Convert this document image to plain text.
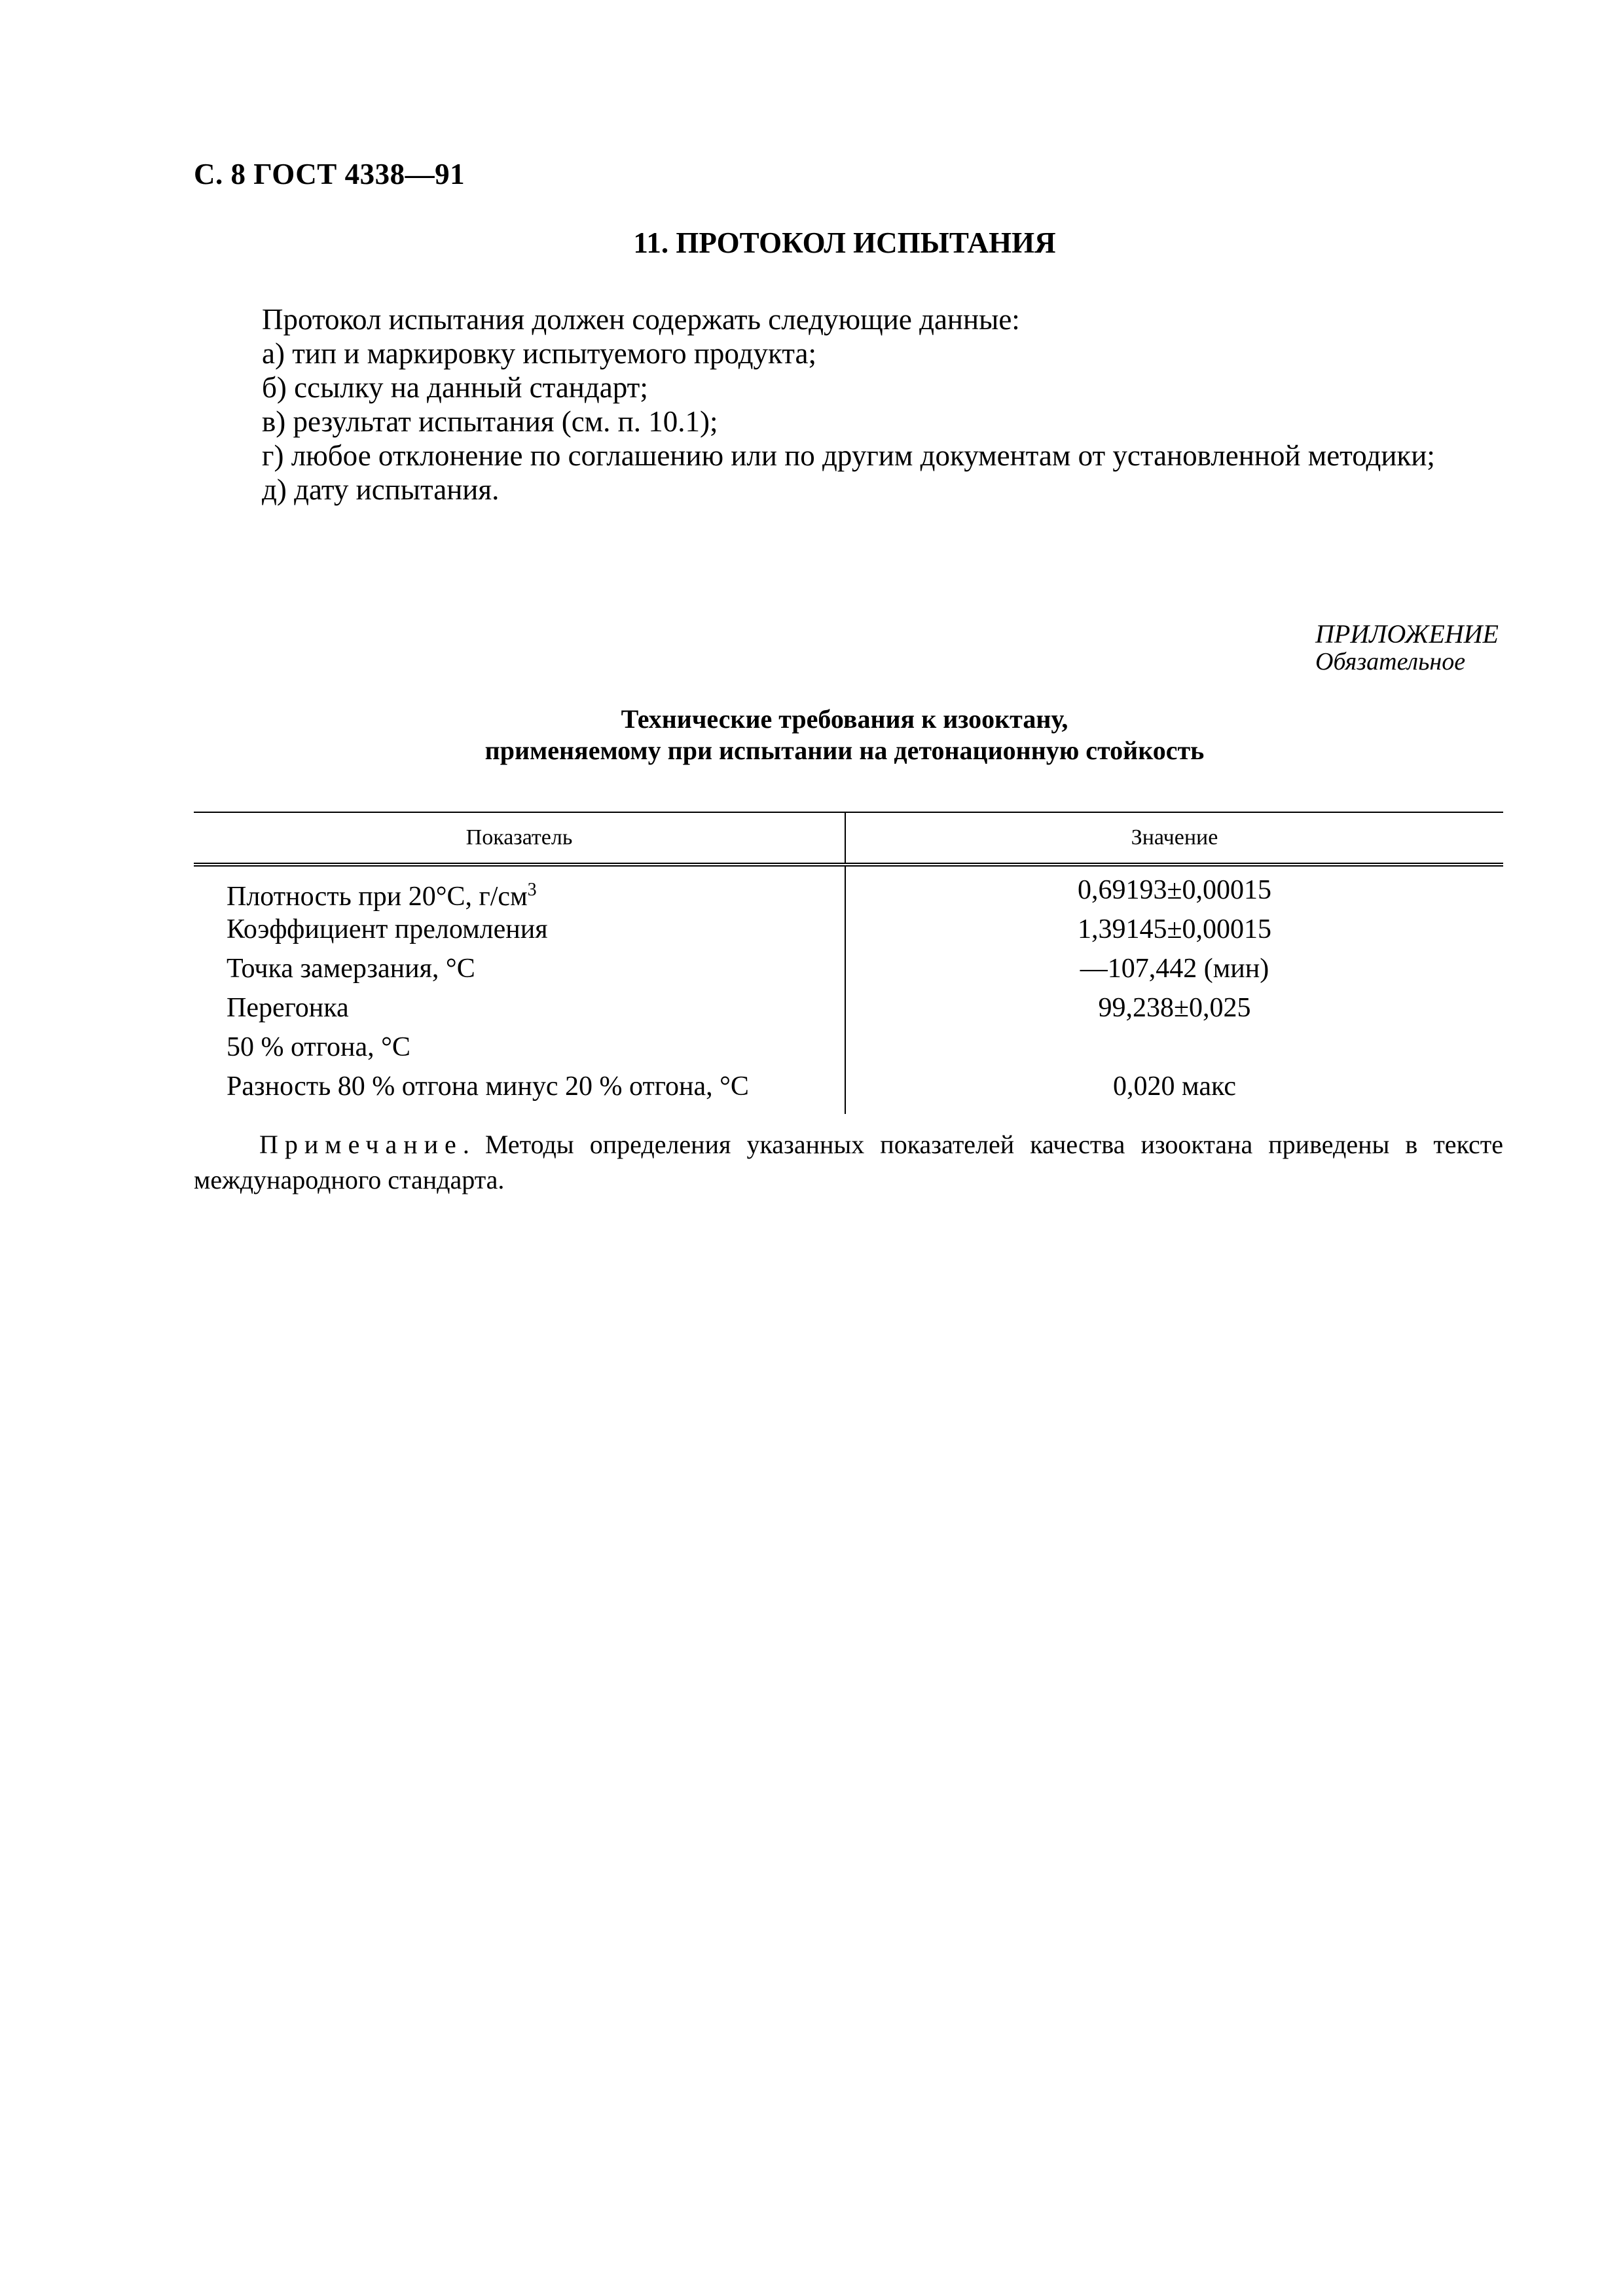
С. 8 ГОСТ 4338—91
11. ПРОТОКОЛ ИСПЫТАНИЯ
Протокол испытания должен содержать следующие данные:
а) тип и маркировку испытуемого продукта;
б) ссылку на данный стандарт;
в) результат испытания (см. п. 10.1);
г) любое отклонение по соглашению или по другим документам от установленной методики;
д) дату испытания.
ПРИЛОЖЕНИЕ
Обязательное
Технические требования к изооктану,
применяемому при испытании на детонационную стойкость
Показатель	Значение
Плотность при 20°С, $г/см^3$
Коэффициент преломления
Точка замерзания, °С
Перегонка
50 % отгона, °С
Разность 80 % отгона минус 20 % отгона, °С
0,69193±0,00015
1,39145±0,00015
—107,442 (мин)
99,238±0,025
0,020 макс
Примечание. Методы определения указанных показателей качества изооктана приведены в тексте международного стандарта.
